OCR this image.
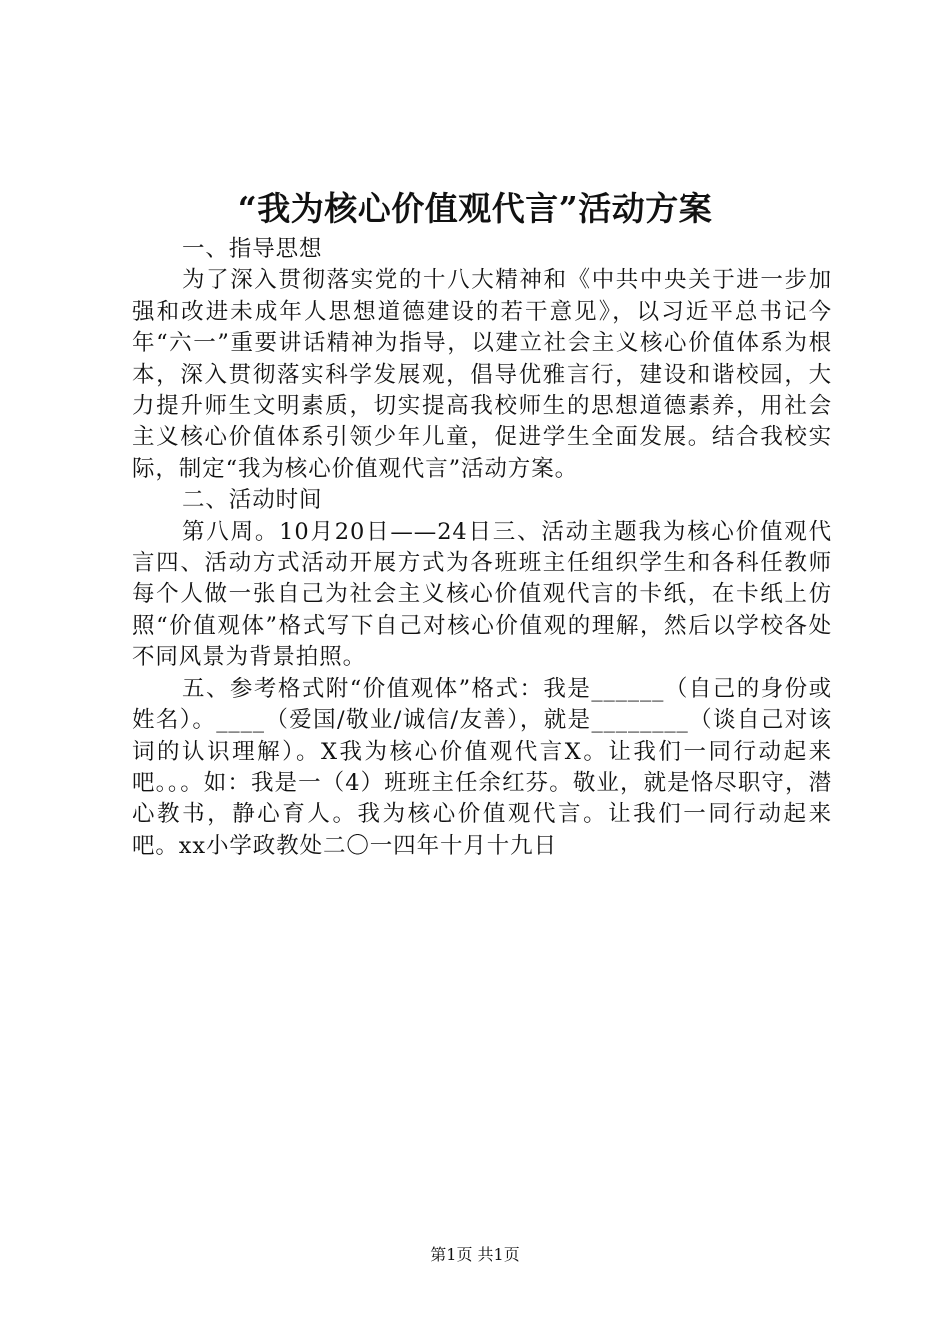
“我为核心价值观代言”活动方案

一、指导思想

为了深入贯彻落实党的十八大精神和《中共中央关于进一步加强和改进未成年人思想道德建设的若干意见》，以习近平总书记今年“六一”重要讲话精神为指导，以建立社会主义核心价值体系为根本，深入贯彻落实科学发展观，倡导优雅言行，建设和谐校园，大力提升师生文明素质，切实提高我校师生的思想道德素养，用社会主义核心价值体系引领少年儿童，促进学生全面发展。结合我校实际，制定“我为核心价值观代言”活动方案。

二、活动时间

第八周。10月20日——24日三、活动主题我为核心价值观代言四、活动方式活动开展方式为各班班主任组织学生和各科任教师每个人做一张自己为社会主义核心价值观代言的卡纸，在卡纸上仿照“价值观体”格式写下自己对核心价值观的理解，然后以学校各处不同风景为背景拍照。

五、参考格式附“价值观体”格式：我是______（自己的身份或姓名）。____（爱国/敬业/诚信/友善），就是________（谈自己对该词的认识理解）。X我为核心价值观代言X。让我们一同行动起来吧。。。如：我是一（4）班班主任余红芬。敬业，就是恪尽职守，潜心教书，静心育人。我为核心价值观代言。让我们一同行动起来吧。xx小学政教处二〇一四年十月十九日

第1页 共1页
